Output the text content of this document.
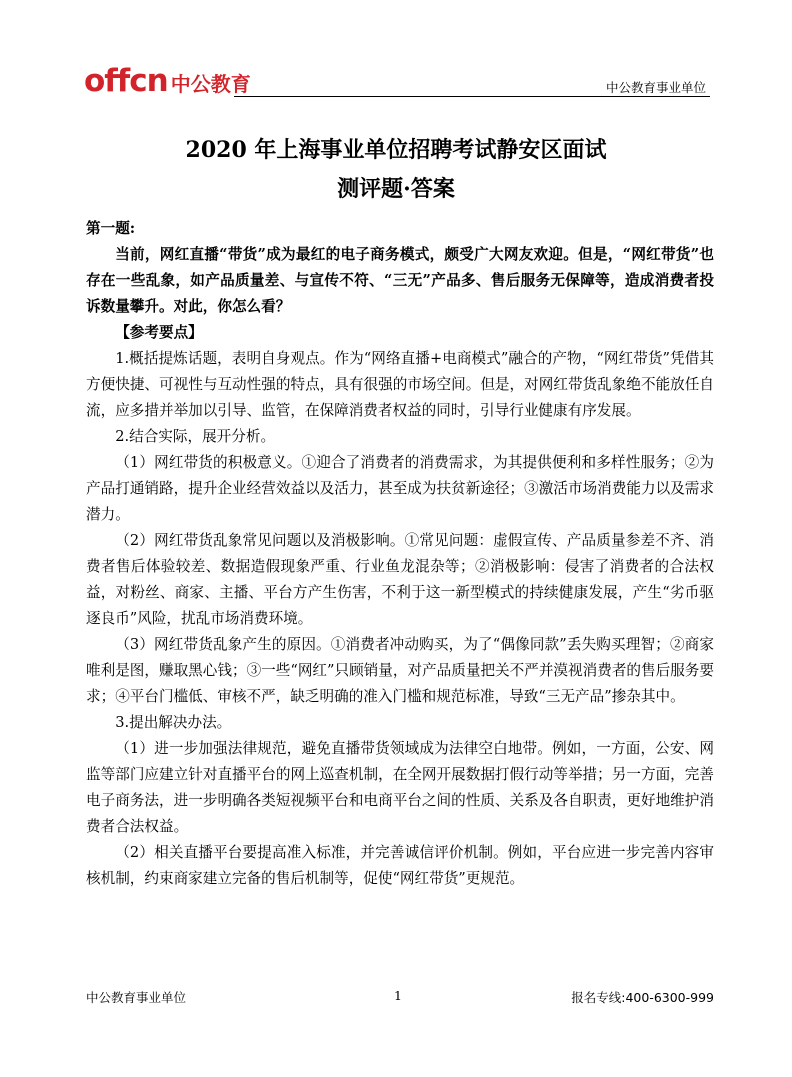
offcn 中公教育	中公教育事业单位
2020 年上海事业单位招聘考试静安区面试
测评题·答案

第一题:

当前，网红直播“带货”成为最红的电子商务模式，颇受广大网友欢迎。但是，“网红带货”也存在一些乱象，如产品质量差、与宣传不符、“三无”产品多、售后服务无保障等，造成消费者投诉数量攀升。对此，你怎么看？

【参考要点】

1.概括提炼话题，表明自身观点。作为“网络直播+电商模式”融合的产物，“网红带货”凭借其方便快捷、可视性与互动性强的特点，具有很强的市场空间。但是，对网红带货乱象绝不能放任自流，应多措并举加以引导、监管，在保障消费者权益的同时，引导行业健康有序发展。

2.结合实际，展开分析。

（1）网红带货的积极意义。①迎合了消费者的消费需求，为其提供便利和多样性服务；②为产品打通销路，提升企业经营效益以及活力，甚至成为扶贫新途径；③激活市场消费能力以及需求潜力。

（2）网红带货乱象常见问题以及消极影响。①常见问题：虚假宣传、产品质量参差不齐、消费者售后体验较差、数据造假现象严重、行业鱼龙混杂等；②消极影响：侵害了消费者的合法权益，对粉丝、商家、主播、平台方产生伤害，不利于这一新型模式的持续健康发展，产生“劣币驱逐良币”风险，扰乱市场消费环境。

（3）网红带货乱象产生的原因。①消费者冲动购买，为了“偶像同款”丢失购买理智；②商家唯利是图，赚取黑心钱；③一些“网红”只顾销量，对产品质量把关不严并漠视消费者的售后服务要求；④平台门槛低、审核不严，缺乏明确的准入门槛和规范标准，导致“三无产品”掺杂其中。

3.提出解决办法。

（1）进一步加强法律规范，避免直播带货领域成为法律空白地带。例如，一方面，公安、网监等部门应建立针对直播平台的网上巡查机制，在全网开展数据打假行动等举措；另一方面，完善电子商务法，进一步明确各类短视频平台和电商平台之间的性质、关系及各自职责，更好地维护消费者合法权益。

（2）相关直播平台要提高准入标准，并完善诚信评价机制。例如，平台应进一步完善内容审核机制，约束商家建立完备的售后机制等，促使“网红带货”更规范。

中公教育事业单位	1	报名专线:400-6300-999
